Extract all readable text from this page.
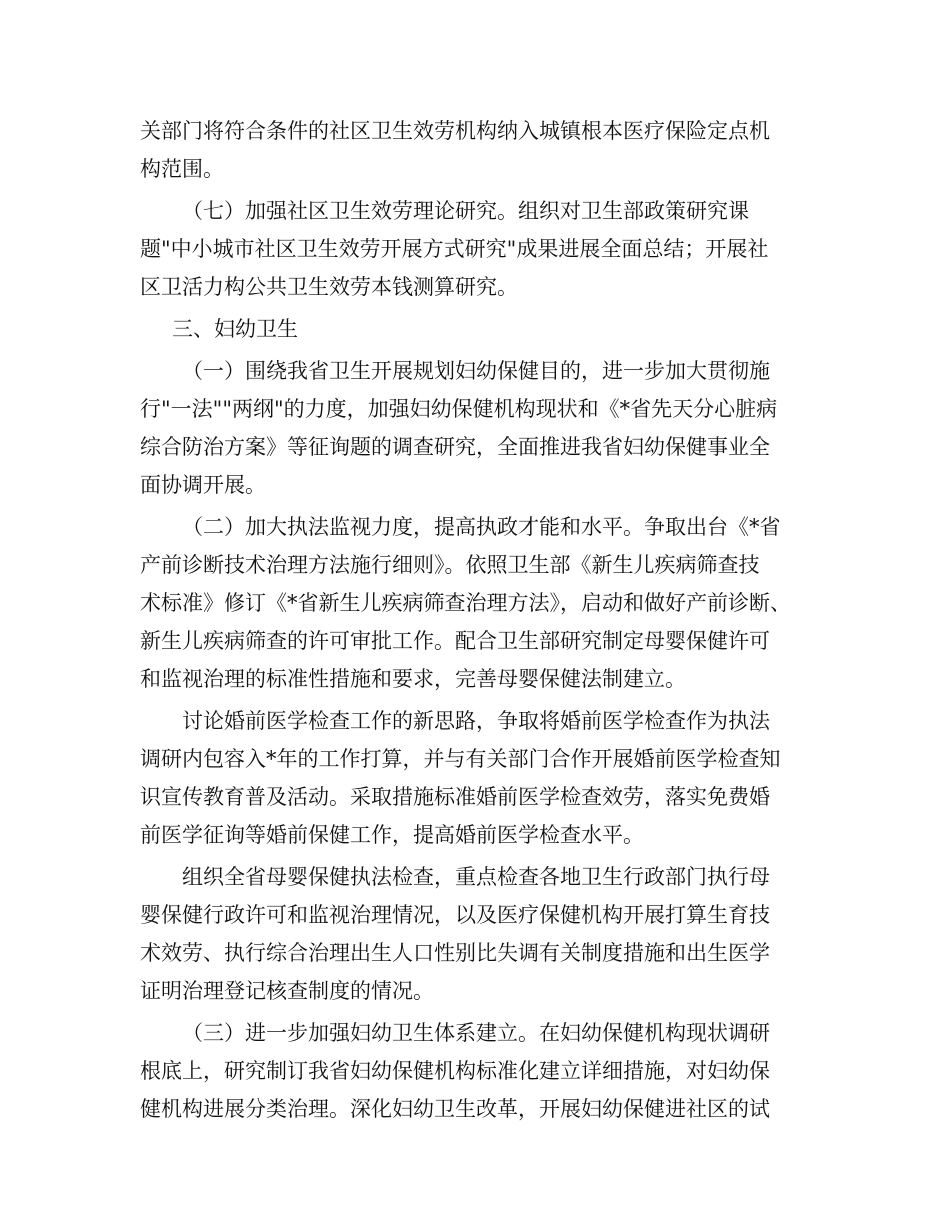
关部门将符合条件的社区卫生效劳机构纳入城镇根本医疗保险定点机
构范围。
（七）加强社区卫生效劳理论研究。组织对卫生部政策研究课
题"中小城市社区卫生效劳开展方式研究"成果进展全面总结；开展社
区卫活力构公共卫生效劳本钱测算研究。
三、妇幼卫生
（一）围绕我省卫生开展规划妇幼保健目的，进一步加大贯彻施
行"一法""两纲"的力度，加强妇幼保健机构现状和《*省先天分心脏病
综合防治方案》等征询题的调查研究，全面推进我省妇幼保健事业全
面协调开展。
（二）加大执法监视力度，提高执政才能和水平。争取出台《*省
产前诊断技术治理方法施行细则》。依照卫生部《新生儿疾病筛查技
术标准》修订《*省新生儿疾病筛查治理方法》，启动和做好产前诊断、
新生儿疾病筛查的许可审批工作。配合卫生部研究制定母婴保健许可
和监视治理的标准性措施和要求，完善母婴保健法制建立。
讨论婚前医学检查工作的新思路，争取将婚前医学检查作为执法
调研内包容入*年的工作打算，并与有关部门合作开展婚前医学检查知
识宣传教育普及活动。采取措施标准婚前医学检查效劳，落实免费婚
前医学征询等婚前保健工作，提高婚前医学检查水平。
组织全省母婴保健执法检查，重点检查各地卫生行政部门执行母
婴保健行政许可和监视治理情况，以及医疗保健机构开展打算生育技
术效劳、执行综合治理出生人口性别比失调有关制度措施和出生医学
证明治理登记核查制度的情况。
（三）进一步加强妇幼卫生体系建立。在妇幼保健机构现状调研
根底上，研究制订我省妇幼保健机构标准化建立详细措施，对妇幼保
健机构进展分类治理。深化妇幼卫生改革，开展妇幼保健进社区的试
